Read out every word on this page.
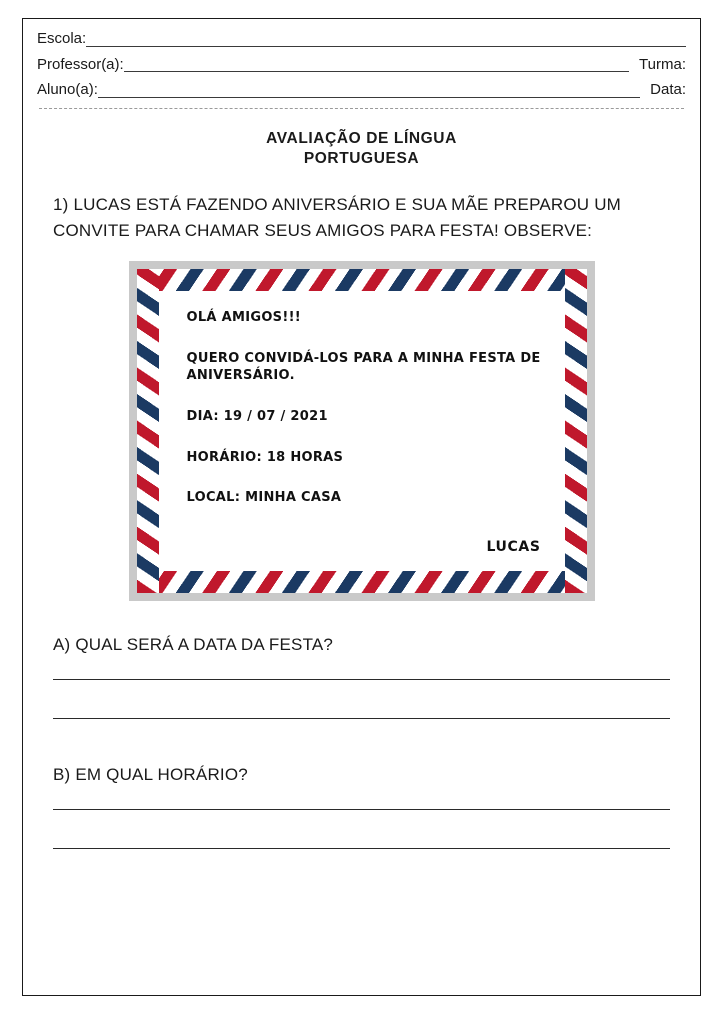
Escola:
Professor(a):	Turma:
Aluno(a):	Data:
AVALIAÇÃO DE LÍNGUA
PORTUGUESA
1) LUCAS ESTÁ FAZENDO ANIVERSÁRIO E SUA MÃE PREPAROU UM CONVITE PARA CHAMAR SEUS AMIGOS PARA FESTA! OBSERVE:
OLÁ AMIGOS!!!
QUERO CONVIDÁ-LOS PARA A MINHA FESTA DE ANIVERSÁRIO.
DIA: 19 / 07 / 2021
HORÁRIO: 18 HORAS
LOCAL: MINHA CASA
LUCAS
A) QUAL SERÁ A DATA DA FESTA?
B) EM QUAL HORÁRIO?
